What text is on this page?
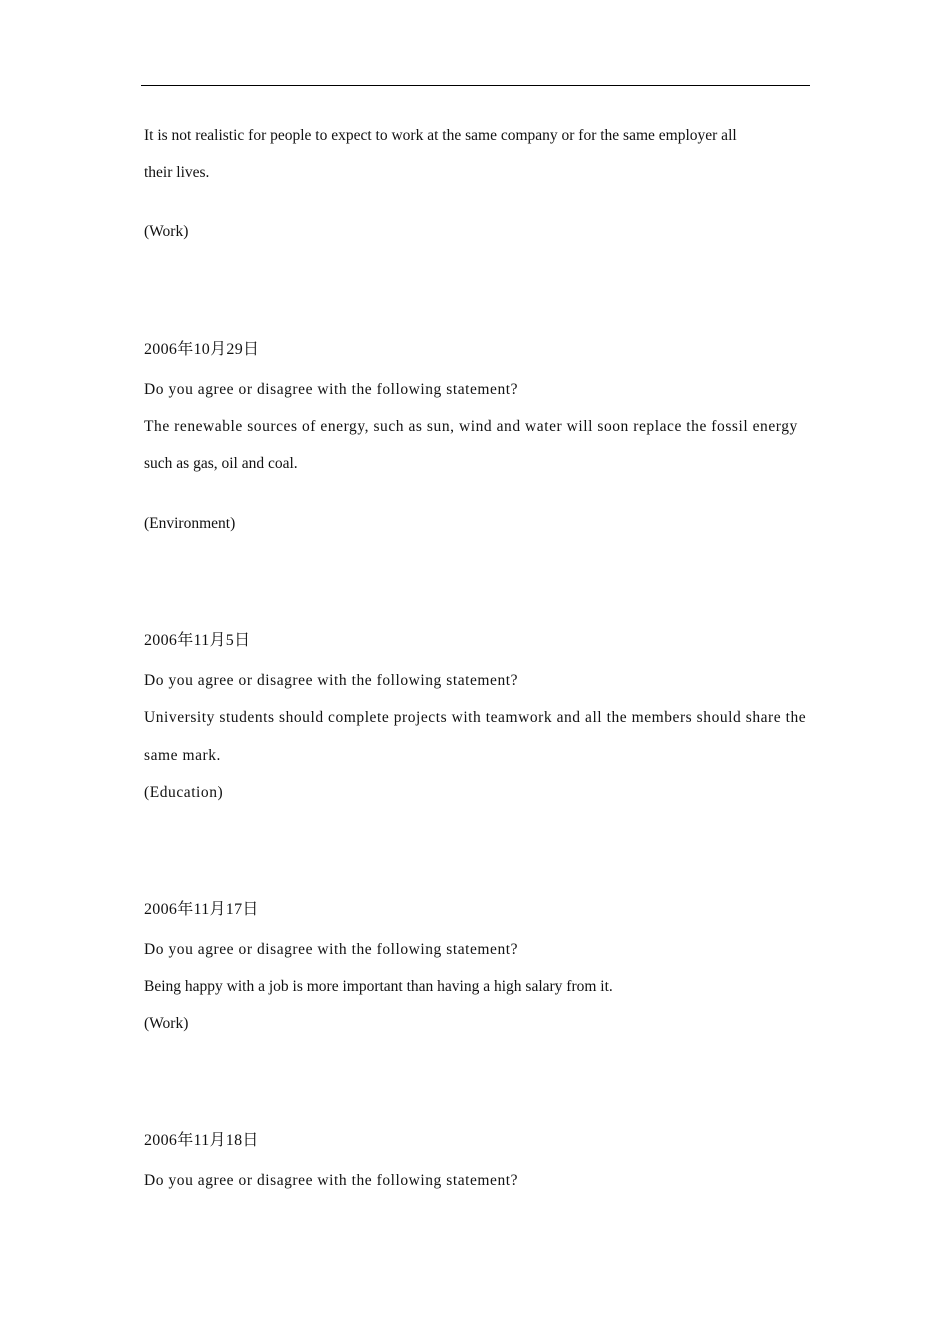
It is not realistic for people to expect to work at the same company or for the same employer all
their lives.
(Work)
2006年10月29日
Do you agree or disagree with the following statement?
The renewable sources of energy, such as sun, wind and water will soon replace the fossil energy
such as gas, oil and coal.
(Environment)
2006年11月5日
Do you agree or disagree with the following statement?
University students should complete projects with teamwork and all the members should share the
same mark.
(Education)
2006年11月17日
Do you agree or disagree with the following statement?
Being happy with a job is more important than having a high salary from it.
(Work)
2006年11月18日
Do you agree or disagree with the following statement?
